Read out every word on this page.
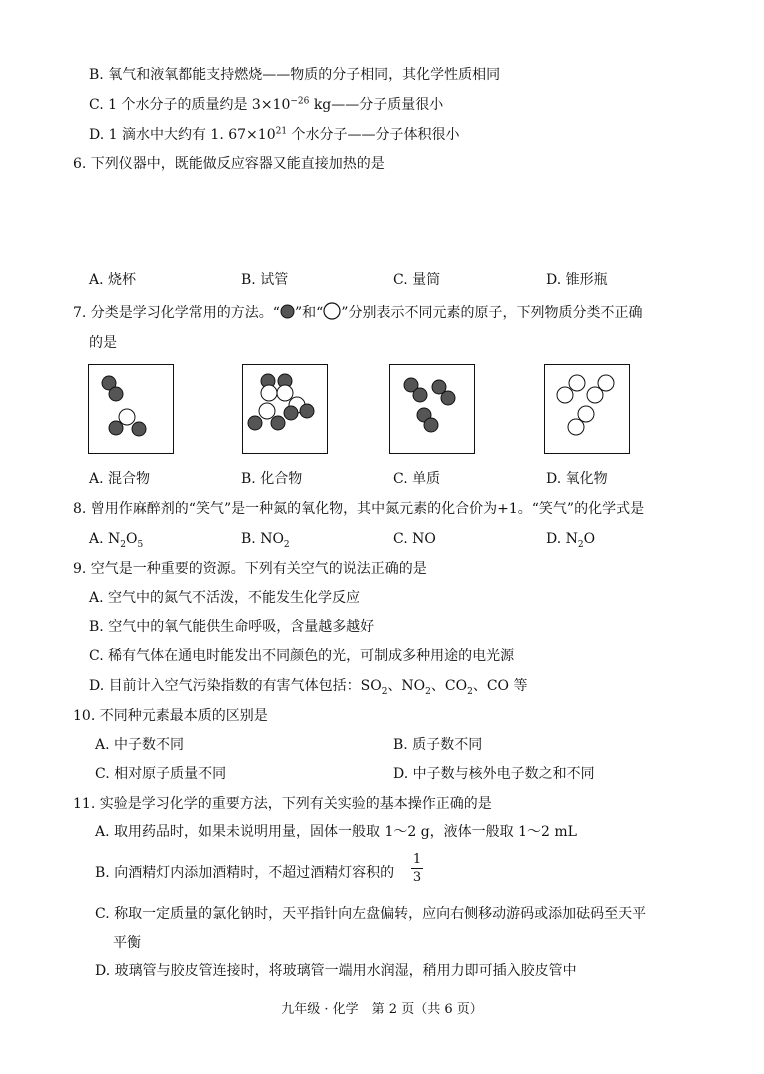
B. 氧气和液氧都能支持燃烧——物质的分子相同，其化学性质相同
C. 1 个水分子的质量约是 $3\times 10^{-26}$ kg——分子质量很小
D. 1 滴水中大约有 1. $67\times 10^{21}$ 个水分子——分子体积很小
6. 下列仪器中，既能做反应容器又能直接加热的是
A. 烧杯	B. 试管	C. 量筒	D. 锥形瓶
7. 分类是学习化学常用的方法。“ ”和“ ”分别表示不同元素的原子，下列物质分类不正确
的是
A. 混合物	B. 化合物	C. 单质	D. 氧化物
8. 曾用作麻醉剂的“笑气”是一种氮的氧化物，其中氮元素的化合价为+1。“笑气”的化学式是
A. $N_2O_5$	B. $NO_2$	C. NO	D. $N_2O$
9. 空气是一种重要的资源。下列有关空气的说法正确的是
A. 空气中的氮气不活泼，不能发生化学反应
B. 空气中的氧气能供生命呼吸，含量越多越好
C. 稀有气体在通电时能发出不同颜色的光，可制成多种用途的电光源
D. 目前计入空气污染指数的有害气体包括：$SO_2$、$NO_2$、$CO_2$、CO 等
10. 不同种元素最本质的区别是
A. 中子数不同	B. 质子数不同
C. 相对原子质量不同	D. 中子数与核外电子数之和不同
11. 实验是学习化学的重要方法，下列有关实验的基本操作正确的是
A. 取用药品时，如果未说明用量，固体一般取 1～2 g，液体一般取 1～2 mL
B. 向酒精灯内添加酒精时，不超过酒精灯容积的
1
3
C. 称取一定质量的氯化钠时，天平指针向左盘偏转，应向右侧移动游码或添加砝码至天平
平衡
D. 玻璃管与胶皮管连接时，将玻璃管一端用水润湿，稍用力即可插入胶皮管中
九年级 · 化学　第 2 页（共 6 页）
